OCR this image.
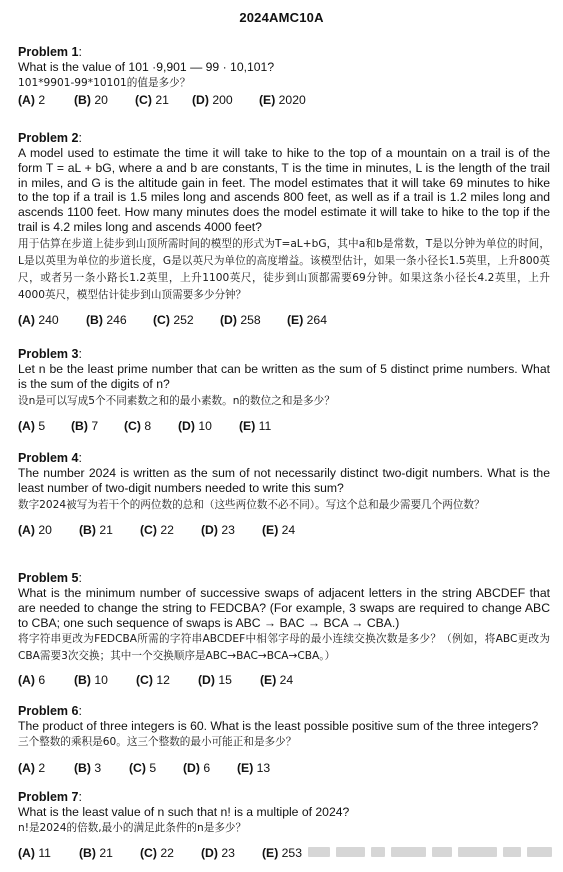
2024AMC10A
Problem 1:
What is the value of 101 ·9,901 — 99 · 10,101?
101*9901-99*10101的值是多少？
(A) 2	(B) 20	(C) 21	(D) 200	(E) 2020
Problem 2:
A model used to estimate the time it will take to hike to the top of a mountain on a trail is of the form T = aL + bG, where a and b are constants, T is the time in minutes, L is the length of the trail in miles, and G is the altitude gain in feet. The model estimates that it will take 69 minutes to hike to the top if a trail is 1.5 miles long and ascends 800 feet, as well as if a trail is 1.2 miles long and ascends 1100 feet. How many minutes does the model estimate it will take to hike to the top if the trail is 4.2 miles long and ascends 4000 feet?
用于估算在步道上徒步到山顶所需时间的模型的形式为T=aL+bG，其中a和b是常数，T是以分钟为单位的时间，L是以英里为单位的步道长度，G是以英尺为单位的高度增益。该模型估计，如果一条小径长1.5英里，上升800英尺，或者另一条小路长1.2英里，上升1100英尺，徒步到山顶都需要69分钟。如果这条小径长4.2英里，上升4000英尺，模型估计徒步到山顶需要多少分钟？
(A) 240	(B) 246	(C) 252	(D) 258	(E) 264
Problem 3:
Let n be the least prime number that can be written as the sum of 5 distinct prime numbers. What is the sum of the digits of n?
设n是可以写成5个不同素数之和的最小素数。n的数位之和是多少？
(A) 5	(B) 7	(C) 8	(D) 10	(E) 11
Problem 4:
The number 2024 is written as the sum of not necessarily distinct two-digit numbers. What is the least number of two-digit numbers needed to write this sum?
数字2024被写为若干个的两位数的总和（这些两位数不必不同）。写这个总和最少需要几个两位数？
(A) 20	(B) 21	(C) 22	(D) 23	(E) 24
Problem 5:
What is the minimum number of successive swaps of adjacent letters in the string ABCDEF that are needed to change the string to FEDCBA? (For example, 3 swaps are required to change ABC to CBA; one such sequence of swaps is ABC → BAC → BCA → CBA.)
将字符串更改为FEDCBA所需的字符串ABCDEF中相邻字母的最小连续交换次数是多少？（例如，将ABC更改为CBA需要3次交换；其中一个交换顺序是ABC→BAC→BCA→CBA。）
(A) 6	(B) 10	(C) 12	(D) 15	(E) 24
Problem 6:
The product of three integers is 60. What is the least possible positive sum of the three integers?
三个整数的乘积是60。这三个整数的最小可能正和是多少？
(A) 2	(B) 3	(C) 5	(D) 6	(E) 13
Problem 7:
What is the least value of n such that n! is a multiple of 2024?
n!是2024的倍数,最小的满足此条件的n是多少？
(A) 11	(B) 21	(C) 22	(D) 23	(E) 253
